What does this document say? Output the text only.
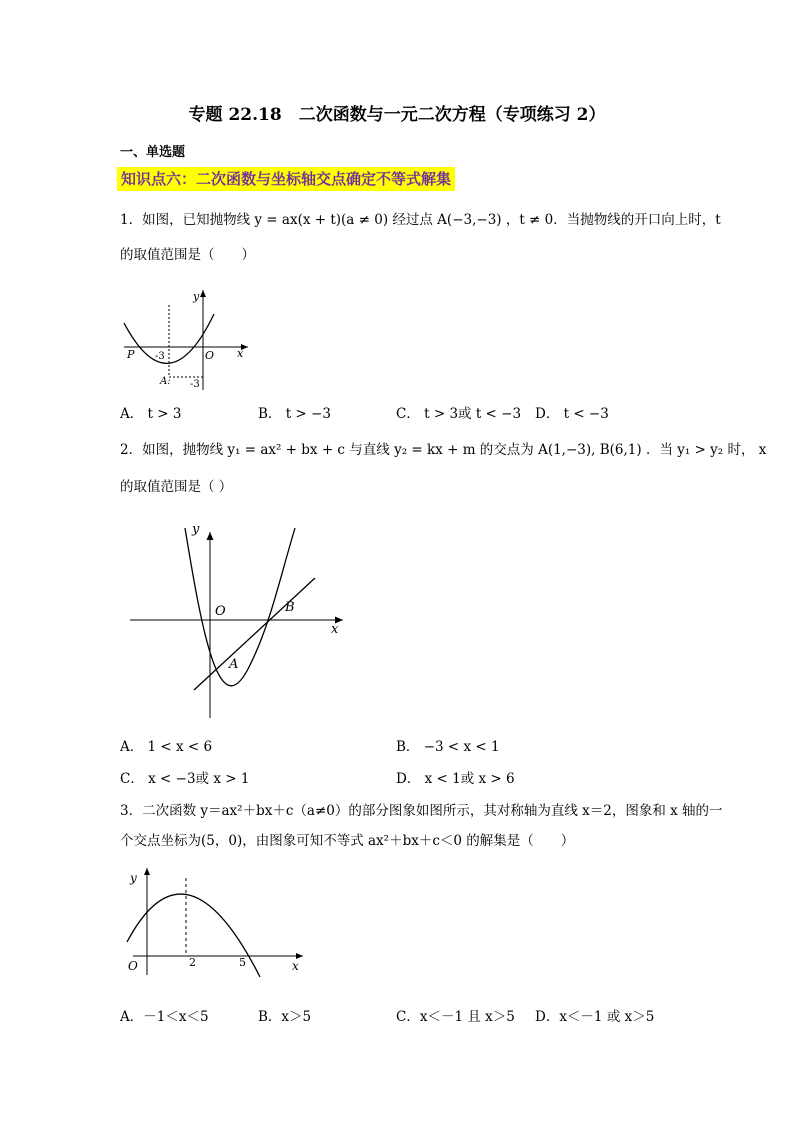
专题 22.18　二次函数与一元二次方程（专项练习 2）
一、单选题
知识点六：二次函数与坐标轴交点确定不等式解集
1．如图，已知抛物线 y = ax(x + t)(a ≠ 0) 经过点 A(−3,−3) ，t ≠ 0．当抛物线的开口向上时，t
的取值范围是（　　）
y
x
O
P -3
A: -3
A． t > 3	B． t > −3	C． t > 3或 t < −3 D． t < −3
2．如图，抛物线 y₁ = ax² + bx + c 与直线 y₂ = kx + m 的交点为 A(1,−3), B(6,1) ．当 y₁ > y₂ 时， x
的取值范围是（ ）
y
x
O
A
B
A． 1 < x < 6	B． −3 < x < 1
C． x < −3或 x > 1	D． x < 1或 x > 6
3．二次函数 y＝ax²＋bx＋c（a≠0）的部分图象如图所示，其对称轴为直线 x＝2，图象和 x 轴的一
个交点坐标为(5，0)，由图象可知不等式 ax²＋bx＋c＜0 的解集是（　　）
y
x
O	2	5
A．－1＜x＜5	B．x＞5	C．x＜－1 且 x＞5 D．x＜－1 或 x＞5
